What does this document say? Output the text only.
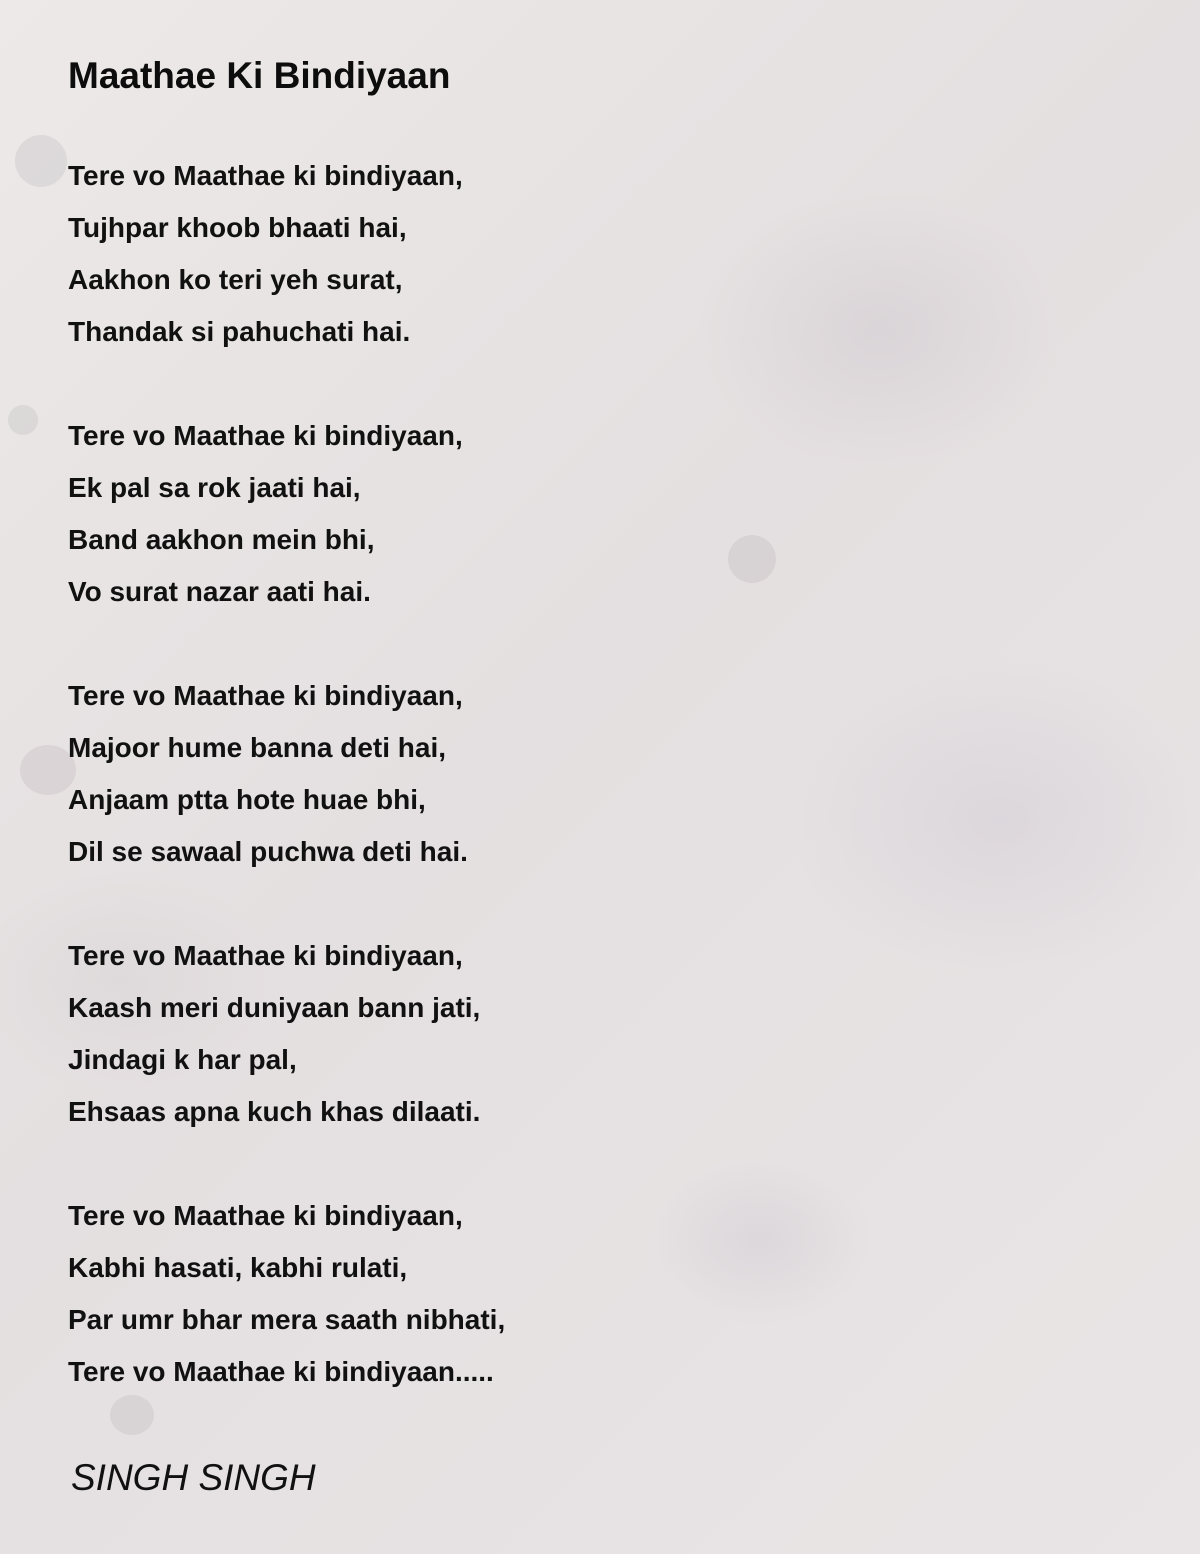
Maathae Ki Bindiyaan
Tere vo Maathae ki bindiyaan,
Tujhpar khoob bhaati hai,
Aakhon ko teri yeh surat,
Thandak si pahuchati hai.
Tere vo Maathae ki bindiyaan,
Ek pal sa rok jaati hai,
Band aakhon mein bhi,
Vo surat nazar aati hai.
Tere vo Maathae ki bindiyaan,
Majoor hume banna deti hai,
Anjaam ptta hote huae bhi,
Dil se sawaal puchwa deti hai.
Tere vo Maathae ki bindiyaan,
Kaash meri duniyaan bann jati,
Jindagi k har pal,
Ehsaas apna kuch khas dilaati.
Tere vo Maathae ki bindiyaan,
Kabhi hasati, kabhi rulati,
Par umr bhar mera saath nibhati,
Tere vo Maathae ki bindiyaan.....
SINGH SINGH
